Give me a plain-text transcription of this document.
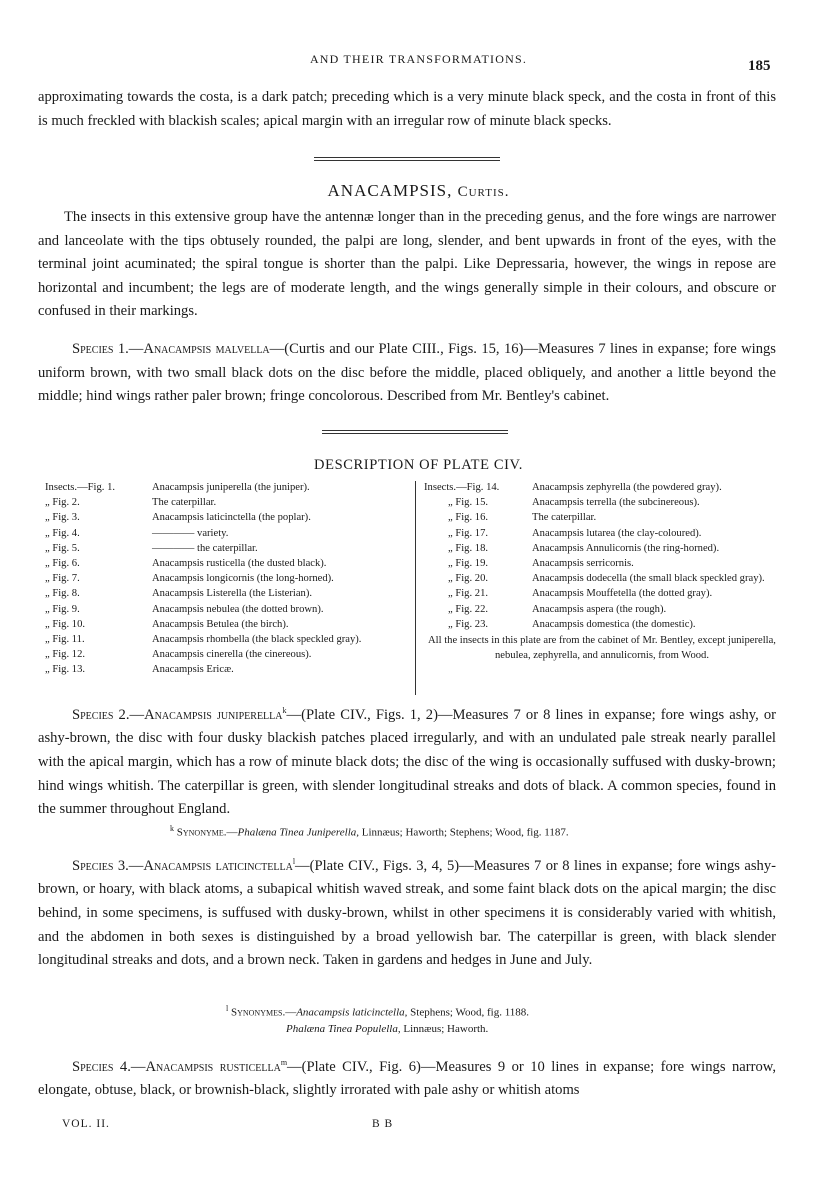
AND THEIR TRANSFORMATIONS.	185

approximating towards the costa, is a dark patch; preceding which is a very minute black speck, and the costa in front of this is much freckled with blackish scales; apical margin with an irregular row of minute black specks.

ANACAMPSIS, Curtis.

The insects in this extensive group have the antennæ longer than in the preceding genus, and the fore wings are narrower and lanceolate with the tips obtusely rounded, the palpi are long, slender, and bent upwards in front of the eyes, with the terminal joint acuminated; the spiral tongue is shorter than the palpi. Like Depressaria, however, the wings in repose are horizontal and incumbent; the legs are of moderate length, and the wings generally simple in their colours, and obscure or confused in their markings.

Species 1.—Anacampsis malvella—(Curtis and our Plate CIII., Figs. 15, 16)—Measures 7 lines in expanse; fore wings uniform brown, with two small black dots on the disc before the middle, placed obliquely, and another a little beyond the middle; hind wings rather paler brown; fringe concolorous. Described from Mr. Bentley's cabinet.

DESCRIPTION OF PLATE CIV.
Insects.—Fig. 1.	Anacampsis juniperella (the juniper).
„ Fig. 2.	The caterpillar.
„ Fig. 3.	Anacampsis laticinctella (the poplar).
„ Fig. 4.	———— variety.
„ Fig. 5.	———— the caterpillar.
„ Fig. 6.	Anacampsis rusticella (the dusted black).
„ Fig. 7.	Anacampsis longicornis (the long-horned).
„ Fig. 8.	Anacampsis Listerella (the Listerian).
„ Fig. 9.	Anacampsis nebulea (the dotted brown).
„ Fig. 10.	Anacampsis Betulea (the birch).
„ Fig. 11.	Anacampsis rhombella (the black speckled gray).
„ Fig. 12.	Anacampsis cinerella (the cinereous).
„ Fig. 13.	Anacampsis Ericæ.
Insects.—Fig. 14.	Anacampsis zephyrella (the powdered gray).
„ Fig. 15.	Anacampsis terrella (the subcinereous).
„ Fig. 16.	The caterpillar.
„ Fig. 17.	Anacampsis lutarea (the clay-coloured).
„ Fig. 18.	Anacampsis Annulicornis (the ring-horned).
„ Fig. 19.	Anacampsis serricornis.
„ Fig. 20.	Anacampsis dodecella (the small black speckled gray).
„ Fig. 21.	Anacampsis Mouffetella (the dotted gray).
„ Fig. 22.	Anacampsis aspera (the rough).
„ Fig. 23.	Anacampsis domestica (the domestic).
All the insects in this plate are from the cabinet of Mr. Bentley, except juniperella, nebulea, zephyrella, and annulicornis, from Wood.

Species 2.—Anacampsis juniperella$^k$—(Plate CIV., Figs. 1, 2)—Measures 7 or 8 lines in expanse; fore wings ashy, or ashy-brown, the disc with four dusky blackish patches placed irregularly, and with an undulated pale streak nearly parallel with the apical margin, which has a row of minute black dots; the disc of the wing is occasionally suffused with dusky-brown; hind wings whitish. The caterpillar is green, with slender longitudinal streaks and dots of black. A common species, found in the summer throughout England.

$^k$ Synonyme.—Phalæna Tinea Juniperella, Linnæus; Haworth; Stephens; Wood, fig. 1187.

Species 3.—Anacampsis laticinctella$^l$—(Plate CIV., Figs. 3, 4, 5)—Measures 7 or 8 lines in expanse; fore wings ashy-brown, or hoary, with black atoms, a subapical whitish waved streak, and some faint black dots on the apical margin; the disc behind, in some specimens, is suffused with dusky-brown, whilst in other specimens it is considerably varied with whitish, and the abdomen in both sexes is distinguished by a broad yellowish bar. The caterpillar is green, with black slender longitudinal streaks and dots, and a brown neck. Taken in gardens and hedges in June and July.

$^l$ Synonymes.—Anacampsis laticinctella, Stephens; Wood, fig. 1188.
Phalæna Tinea Populella, Linnæus; Haworth.

Species 4.—Anacampsis rusticella$^m$—(Plate CIV., Fig. 6)—Measures 9 or 10 lines in expanse; fore wings narrow, elongate, obtuse, black, or brownish-black, slightly irrorated with pale ashy or whitish atoms

VOL. II.	B B
